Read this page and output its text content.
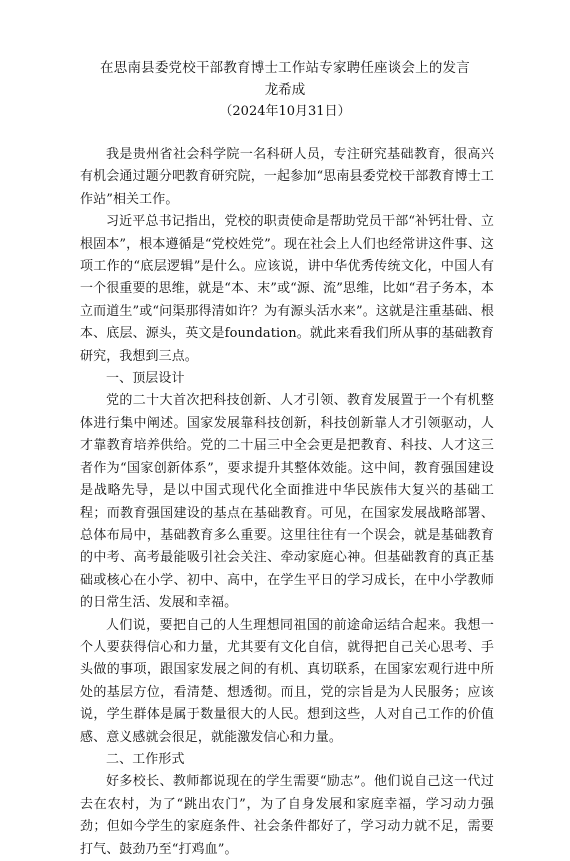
在思南县委党校干部教育博士工作站专家聘任座谈会上的发言
龙希成
（2024年10月31日）

我是贵州省社会科学院一名科研人员，专注研究基础教育，很高兴有机会通过题分吧教育研究院，一起参加“思南县委党校干部教育博士工作站”相关工作。

习近平总书记指出，党校的职责使命是帮助党员干部“补钙壮骨、立根固本”，根本遵循是“党校姓党”。现在社会上人们也经常讲这件事、这项工作的“底层逻辑”是什么。应该说，讲中华优秀传统文化，中国人有一个很重要的思维，就是“本、末”或“源、流”思维，比如“君子务本，本立而道生”或“问渠那得清如许？为有源头活水来”。这就是注重基础、根本、底层、源头，英文是foundation。就此来看我们所从事的基础教育研究，我想到三点。

一、顶层设计

党的二十大首次把科技创新、人才引领、教育发展置于一个有机整体进行集中阐述。国家发展靠科技创新，科技创新靠人才引领驱动，人才靠教育培养供给。党的二十届三中全会更是把教育、科技、人才这三者作为“国家创新体系”，要求提升其整体效能。这中间，教育强国建设是战略先导，是以中国式现代化全面推进中华民族伟大复兴的基础工程；而教育强国建设的基点在基础教育。可见，在国家发展战略部署、总体布局中，基础教育多么重要。这里往往有一个误会，就是基础教育的中考、高考最能吸引社会关注、牵动家庭心神。但基础教育的真正基础或核心在小学、初中、高中，在学生平日的学习成长，在中小学教师的日常生活、发展和幸福。

人们说，要把自己的人生理想同祖国的前途命运结合起来。我想一个人要获得信心和力量，尤其要有文化自信，就得把自己关心思考、手头做的事项，跟国家发展之间的有机、真切联系，在国家宏观行进中所处的基层方位，看清楚、想透彻。而且，党的宗旨是为人民服务；应该说，学生群体是属于数量很大的人民。想到这些，人对自己工作的价值感、意义感就会很足，就能激发信心和力量。

二、工作形式

好多校长、教师都说现在的学生需要“励志”。他们说自己这一代过去在农村，为了“跳出农门”，为了自身发展和家庭幸福，学习动力强劲；但如今学生的家庭条件、社会条件都好了，学习动力就不足，需要打气、鼓劲乃至“打鸡血”。
